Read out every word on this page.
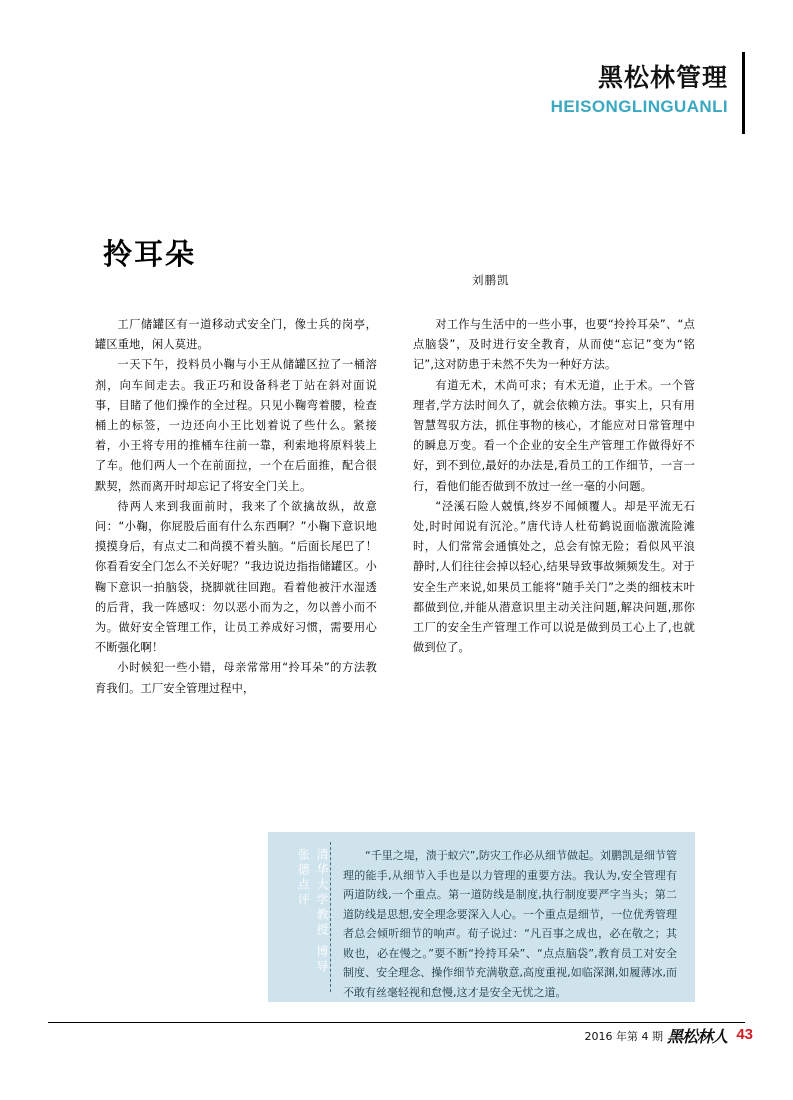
黑松林管理
HEISONGLINGUANLI
拎耳朵
刘鹏凯

工厂储罐区有一道移动式安全门，像士兵的岗亭，罐区重地，闲人莫进。

一天下午，投料员小鞠与小王从储罐区拉了一桶溶剂，向车间走去。我正巧和设备科老丁站在斜对面说事，目睹了他们操作的全过程。只见小鞠弯着腰，检查桶上的标签，一边还向小王比划着说了些什么。紧接着，小王将专用的推桶车往前一靠，利索地将原料装上了车。他们两人一个在前面拉，一个在后面推，配合很默契，然而离开时却忘记了将安全门关上。

待两人来到我面前时，我来了个欲擒故纵，故意问：“小鞠，你屁股后面有什么东西啊？”小鞠下意识地摸摸身后，有点丈二和尚摸不着头脑。“后面长尾巴了！你看看安全门怎么不关好呢？”我边说边指指储罐区。小鞠下意识一拍脑袋，挠脚就往回跑。看着他被汗水湿透的后背，我一阵感叹：勿以恶小而为之，勿以善小而不为。做好安全管理工作，让员工养成好习惯，需要用心不断强化啊！

小时候犯一些小错，母亲常常用“拎耳朵”的方法教育我们。工厂安全管理过程中，

对工作与生活中的一些小事，也要“拎拎耳朵”、“点点脑袋”，及时进行安全教育，从而使“忘记”变为“铭记”,这对防患于未然不失为一种好方法。

有道无术，术尚可求；有术无道，止于术。一个管理者,学方法时间久了，就会依赖方法。事实上，只有用智慧驾驭方法，抓住事物的核心，才能应对日常管理中的瞬息万变。看一个企业的安全生产管理工作做得好不好，到不到位,最好的办法是,看员工的工作细节，一言一行，看他们能否做到不放过一丝一毫的小问题。

“泾溪石险人兢慎,终岁不闻倾覆人。却是平流无石处,时时闻说有沉沦。”唐代诗人杜荀鹤说面临激流险滩时，人们常常会通慎处之，总会有惊无险；看似风平浪静时,人们往往会掉以轻心,结果导致事故频频发生。对于安全生产来说,如果员工能将“随手关门”之类的细枝末叶都做到位,并能从潜意识里主动关注问题,解决问题,那你工厂的安全生产管理工作可以说是做到员工心上了,也就做到位了。

清华大学教授 博导
张德点评	“千里之堤，溃于蚁穴”,防灾工作必从细节做起。刘鹏凯是细节管理的能手,从细节入手也是以力管理的重要方法。我认为,安全管理有两道防线,一个重点。第一道防线是制度,执行制度要严字当头；第二道防线是思想,安全理念要深入人心。一个重点是细节，一位优秀管理者总会倾听细节的响声。荀子说过：“凡百事之成也，必在敬之；其败也，必在慢之。”要不断“拎持耳朵”、“点点脑袋”,教育员工对安全制度、安全理念、操作细节充满敬意,高度重视,如临深渊,如履薄冰,而不敢有丝毫轻视和怠慢,这才是安全无忧之道。
2016 年第 4 期 黑松林人 43
